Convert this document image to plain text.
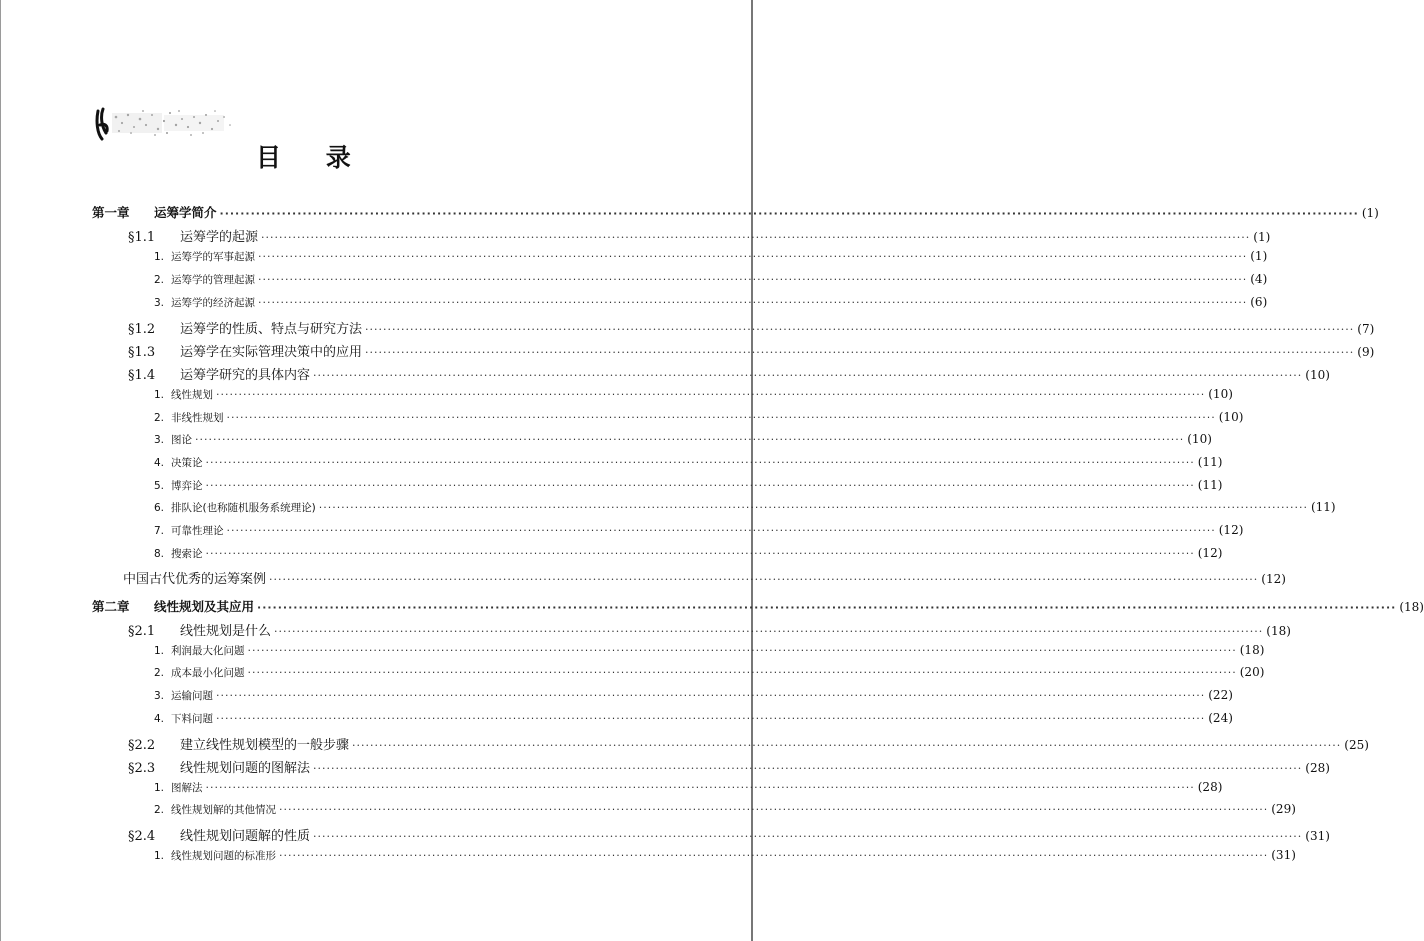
目 录
第一章 运筹学简介 ···························································································································································································································· (1)
§1.1 运筹学的起源 ···························································································································································································································· (1)
1. 运筹学的军事起源 ···························································································································································································································· (1)
2. 运筹学的管理起源 ···························································································································································································································· (4)
3. 运筹学的经济起源 ···························································································································································································································· (6)
§1.2 运筹学的性质、特点与研究方法 ···························································································································································································································· (7)
§1.3 运筹学在实际管理决策中的应用 ···························································································································································································································· (9)
§1.4 运筹学研究的具体内容 ···························································································································································································································· (10)
1. 线性规划 ···························································································································································································································· (10)
2. 非线性规划 ···························································································································································································································· (10)
3. 图论 ···························································································································································································································· (10)
4. 决策论 ···························································································································································································································· (11)
5. 博弈论 ···························································································································································································································· (11)
6. 排队论(也称随机服务系统理论) ···························································································································································································································· (11)
7. 可靠性理论 ···························································································································································································································· (12)
8. 搜索论 ···························································································································································································································· (12)
中国古代优秀的运筹案例 ···························································································································································································································· (12)
第二章 线性规划及其应用 ···························································································································································································································· (18)
§2.1 线性规划是什么 ···························································································································································································································· (18)
1. 利润最大化问题 ···························································································································································································································· (18)
2. 成本最小化问题 ···························································································································································································································· (20)
3. 运输问题 ···························································································································································································································· (22)
4. 下料问题 ···························································································································································································································· (24)
§2.2 建立线性规划模型的一般步骤 ···························································································································································································································· (25)
§2.3 线性规划问题的图解法 ···························································································································································································································· (28)
1. 图解法 ···························································································································································································································· (28)
2. 线性规划解的其他情况 ···························································································································································································································· (29)
§2.4 线性规划问题解的性质 ···························································································································································································································· (31)
1. 线性规划问题的标准形 ···························································································································································································································· (31)
